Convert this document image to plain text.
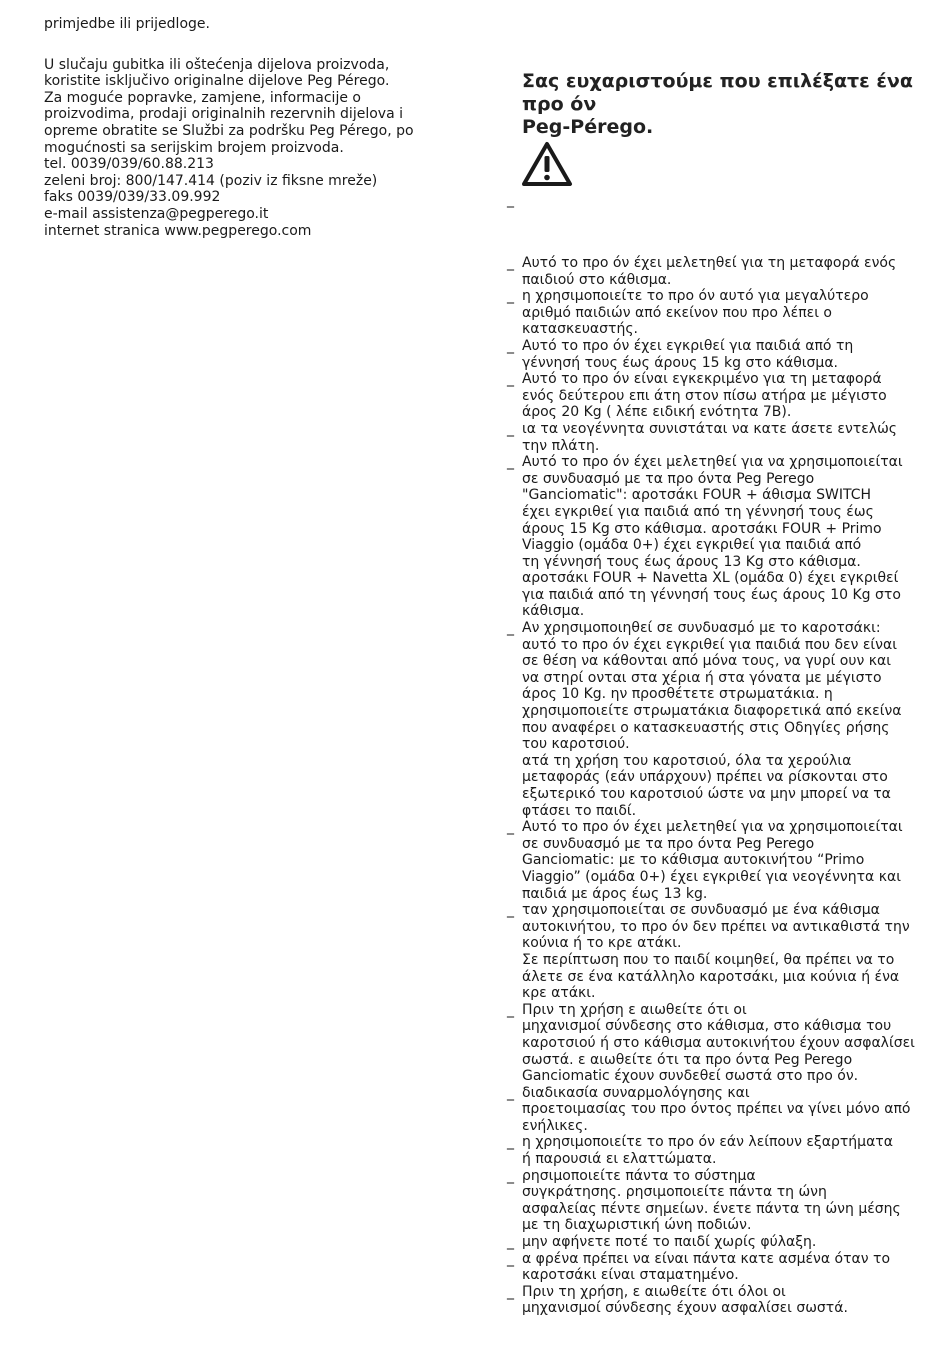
primjedbe ili prijedloge.

U slučaju gubitka ili oštećenja dijelova proizvoda,
koristite isključivo originalne dijelove Peg Pérego.
Za moguće popravke, zamjene, informacije o
proizvodima, prodaji originalnih rezervnih dijelova i
opreme obratite se Službi za podršku Peg Pérego, po
mogućnosti sa serijskim brojem proizvoda.
tel. 0039/039/60.88.213
zeleni broj: 800/147.414 (poziv iz fiksne mreže)
faks 0039/039/33.09.992
e-mail assistenza@pegperego.it
internet stranica www.pegperego.com

Σας ευχαριστούμε που επιλέξατε ένα προ όν
Peg-Pérego.
_
_ Αυτό το προ όν έχει μελετηθεί για τη μεταφορά ενός
παιδιού στο κάθισμα.
_ η χρησιμοποιείτε το προ όν αυτό για μεγαλύτερο
αριθμό παιδιών από εκείνον που προ λέπει ο
κατασκευαστής.
_ Αυτό το προ όν έχει εγκριθεί για παιδιά από τη
γέννησή τους έως άρους 15 kg στο κάθισμα.
_ Αυτό το προ όν είναι εγκεκριμένο για τη μεταφορά
ενός δεύτερου επι άτη στον πίσω ατήρα με μέγιστο
άρος 20 Kg ( λέπε ειδική ενότητα 7B).
_ ια τα νεογέννητα συνιστάται να κατε άσετε εντελώς
την πλάτη.
_ Αυτό το προ όν έχει μελετηθεί για να χρησιμοποιείται
σε συνδυασμό με τα προ όντα Peg Perego
"Ganciomatic": αροτσάκι FOUR + άθισμα SWITCH
έχει εγκριθεί για παιδιά από τη γέννησή τους έως
άρους 15 Kg στο κάθισμα. αροτσάκι FOUR + Primo
Viaggio (ομάδα 0+) έχει εγκριθεί για παιδιά από
τη γέννησή τους έως άρους 13 Kg στο κάθισμα.
αροτσάκι FOUR + Navetta XL (ομάδα 0) έχει εγκριθεί
για παιδιά από τη γέννησή τους έως άρους 10 Kg στο
κάθισμα.
_ Αν χρησιμοποιηθεί σε συνδυασμό με το καροτσάκι:
αυτό το προ όν έχει εγκριθεί για παιδιά που δεν είναι
σε θέση να κάθονται από μόνα τους, να γυρί ουν και
να στηρί ονται στα χέρια ή στα γόνατα με μέγιστο
άρος 10 Kg. ην προσθέτετε στρωματάκια. η
χρησιμοποιείτε στρωματάκια διαφορετικά από εκείνα
που αναφέρει ο κατασκευαστής στις Οδηγίες ρήσης
του καροτσιού.
ατά τη χρήση του καροτσιού, όλα τα χερούλια
μεταφοράς (εάν υπάρχουν) πρέπει να ρίσκονται στο
εξωτερικό του καροτσιού ώστε να μην μπορεί να τα
φτάσει το παιδί.
_ Αυτό το προ όν έχει μελετηθεί για να χρησιμοποιείται
σε συνδυασμό με τα προ όντα Peg Perego
Ganciomatic: με το κάθισμα αυτοκινήτου “Primo
Viaggio” (ομάδα 0+) έχει εγκριθεί για νεογέννητα και
παιδιά με άρος έως 13 kg.
_ ταν χρησιμοποιείται σε συνδυασμό με ένα κάθισμα
αυτοκινήτου, το προ όν δεν πρέπει να αντικαθιστά την
κούνια ή το κρε ατάκι.
Σε περίπτωση που το παιδί κοιμηθεί, θα πρέπει να το
άλετε σε ένα κατάλληλο καροτσάκι, μια κούνια ή ένα
κρε ατάκι.
_ Πριν τη χρήση ε αιωθείτε ότι οι
μηχανισμοί σύνδεσης στο κάθισμα, στο κάθισμα του
καροτσιού ή στο κάθισμα αυτοκινήτου έχουν ασφαλίσει
σωστά. ε αιωθείτε ότι τα προ όντα Peg Perego
Ganciomatic έχουν συνδεθεί σωστά στο προ όν.
_ διαδικασία συναρμολόγησης και
προετοιμασίας του προ όντος πρέπει να γίνει μόνο από
ενήλικες.
_ η χρησιμοποιείτε το προ όν εάν λείπουν εξαρτήματα
ή παρουσιά ει ελαττώματα.
_ ρησιμοποιείτε πάντα το σύστημα
συγκράτησης. ρησιμοποιείτε πάντα τη ώνη
ασφαλείας πέντε σημείων. ένετε πάντα τη ώνη μέσης
με τη διαχωριστική ώνη ποδιών.
_ μην αφήνετε ποτέ το παιδί χωρίς φύλαξη.
_ α φρένα πρέπει να είναι πάντα κατε ασμένα όταν το
καροτσάκι είναι σταματημένο.
_ Πριν τη χρήση, ε αιωθείτε ότι όλοι οι
μηχανισμοί σύνδεσης έχουν ασφαλίσει σωστά.
